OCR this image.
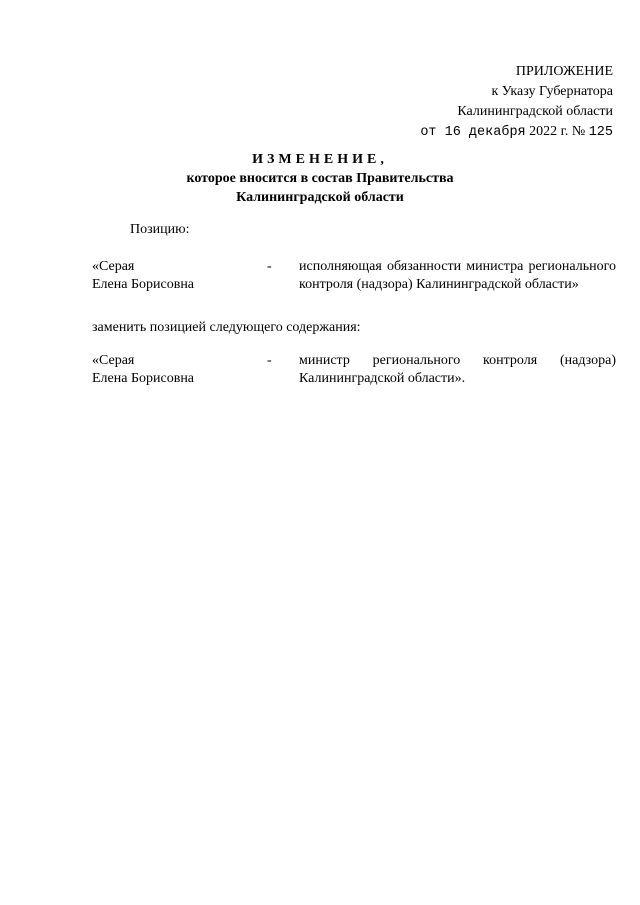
ПРИЛОЖЕНИЕ
к Указу Губернатора
Калининградской области
от 16 декабря 2022 г. № 125
ИЗМЕНЕНИЕ,
которое вносится в состав Правительства
Калининградской области
Позицию:
«Серая
Елена Борисовна
- исполняющая обязанности министра регионального контроля (надзора) Калининградской области»
заменить позицией следующего содержания:
«Серая
Елена Борисовна
- министр регионального контроля (надзора) Калининградской области».
